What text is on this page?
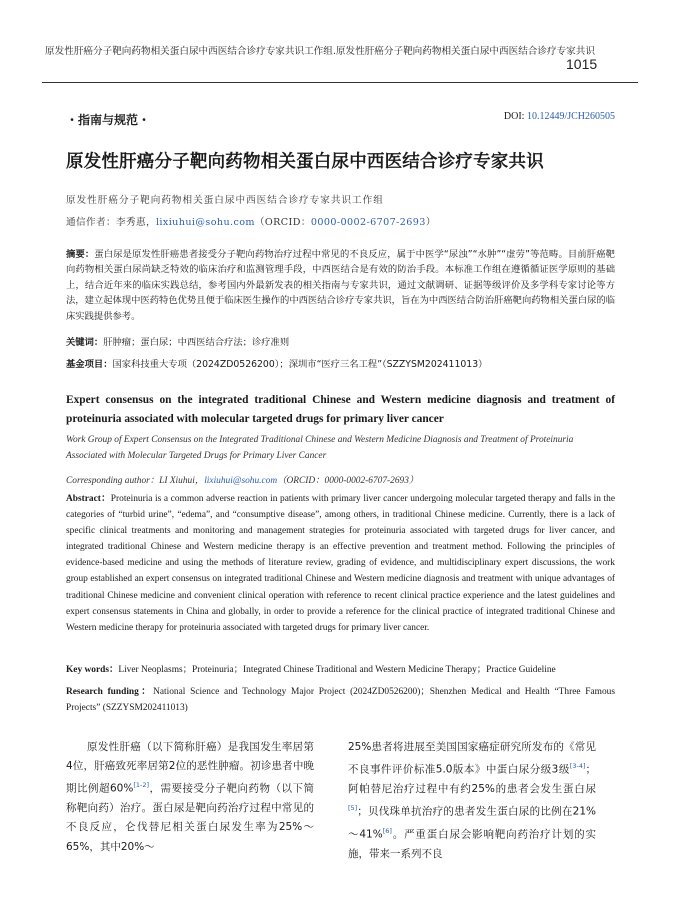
原发性肝癌分子靶向药物相关蛋白尿中西医结合诊疗专家共识工作组.原发性肝癌分子靶向药物相关蛋白尿中西医结合诊疗专家共识
1015
・指南与规范・	DOI: 10.12449/JCH260505
原发性肝癌分子靶向药物相关蛋白尿中西医结合诊疗专家共识
原发性肝癌分子靶向药物相关蛋白尿中西医结合诊疗专家共识工作组
通信作者：李秀惠，lixiuhui@sohu.com（ORCID：0000-0002-6707-2693）
摘要：蛋白尿是原发性肝癌患者接受分子靶向药物治疗过程中常见的不良反应，属于中医学“尿浊”“水肿”“虚劳”等范畴。目前肝癌靶向药物相关蛋白尿尚缺乏特效的临床治疗和监测管理手段，中西医结合是有效的防治手段。本标准工作组在遵循循证医学原则的基础上，结合近年来的临床实践总结，参考国内外最新发表的相关指南与专家共识，通过文献调研、证据等级评价及多学科专家讨论等方法，建立起体现中医药特色优势且便于临床医生操作的中西医结合诊疗专家共识，旨在为中西医结合防治肝癌靶向药物相关蛋白尿的临床实践提供参考。
关键词：肝肿瘤；蛋白尿；中西医结合疗法；诊疗准则
基金项目：国家科技重大专项（2024ZD0526200）；深圳市“医疗三名工程”（SZZYSM202411013）
Expert consensus on the integrated traditional Chinese and Western medicine diagnosis and treatment of proteinuria associated with molecular targeted drugs for primary liver cancer
Work Group of Expert Consensus on the Integrated Traditional Chinese and Western Medicine Diagnosis and Treatment of Proteinuria Associated with Molecular Targeted Drugs for Primary Liver Cancer
Corresponding author：LI Xiuhui，lixiuhui@sohu.com（ORCID：0000-0002-6707-2693）
Abstract：Proteinuria is a common adverse reaction in patients with primary liver cancer undergoing molecular targeted therapy and falls in the categories of “turbid urine”, “edema”, and “consumptive disease”, among others, in traditional Chinese medicine. Currently, there is a lack of specific clinical treatments and monitoring and management strategies for proteinuria associated with targeted drugs for liver cancer, and integrated traditional Chinese and Western medicine therapy is an effective prevention and treatment method. Following the principles of evidence-based medicine and using the methods of literature review, grading of evidence, and multidisciplinary expert discussions, the work group established an expert consensus on integrated traditional Chinese and Western medicine diagnosis and treatment with unique advantages of traditional Chinese medicine and convenient clinical operation with reference to recent clinical practice experience and the latest guidelines and expert consensus statements in China and globally, in order to provide a reference for the clinical practice of integrated traditional Chinese and Western medicine therapy for proteinuria associated with targeted drugs for primary liver cancer.
Key words：Liver Neoplasms；Proteinuria；Integrated Chinese Traditional and Western Medicine Therapy；Practice Guideline
Research funding：National Science and Technology Major Project (2024ZD0526200)；Shenzhen Medical and Health “Three Famous Projects” (SZZYSM202411013)
原发性肝癌（以下简称肝癌）是我国发生率居第4位，肝癌致死率居第2位的恶性肿瘤。初诊患者中晚期比例超60%[1-2]，需要接受分子靶向药物（以下简称靶向药）治疗。蛋白尿是靶向药治疗过程中常见的不良反应，仑伐替尼相关蛋白尿发生率为25%～65%，其中20%～
25%患者将进展至美国国家癌症研究所发布的《常见不良事件评价标准5.0版本》中蛋白尿分级3级[3-4]；阿帕替尼治疗过程中有约25%的患者会发生蛋白尿[5]；贝伐珠单抗治疗的患者发生蛋白尿的比例在21%～41%[6]。严重蛋白尿会影响靶向药治疗计划的实施，带来一系列不良
